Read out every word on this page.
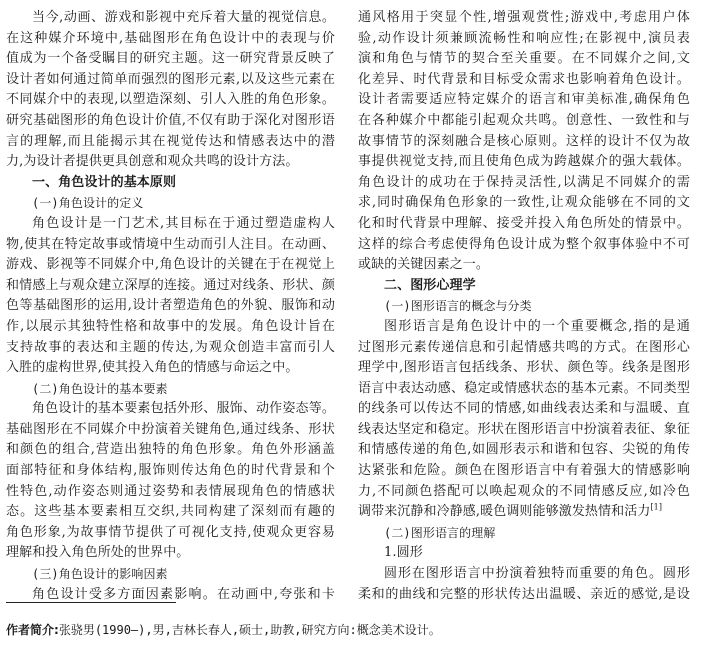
当今,动画、游戏和影视中充斥着大量的视觉信息。
在这种媒介环境中,基础图形在角色设计中的表现与价
值成为一个备受瞩目的研究主题。这一研究背景反映了
设计者如何通过简单而强烈的图形元素,以及这些元素在
不同媒介中的表现,以塑造深刻、引人入胜的角色形象。
研究基础图形的角色设计价值,不仅有助于深化对图形语
言的理解,而且能揭示其在视觉传达和情感表达中的潜
力,为设计者提供更具创意和观众共鸣的设计方法。
一、角色设计的基本原则
(一)角色设计的定义
角色设计是一门艺术,其目标在于通过塑造虚构人
物,使其在特定故事或情境中生动而引人注目。在动画、
游戏、影视等不同媒介中,角色设计的关键在于在视觉上
和情感上与观众建立深厚的连接。通过对线条、形状、颜
色等基础图形的运用,设计者塑造角色的外貌、服饰和动
作,以展示其独特性格和故事中的发展。角色设计旨在
支持故事的表达和主题的传达,为观众创造丰富而引人
入胜的虚构世界,使其投入角色的情感与命运之中。
(二)角色设计的基本要素
角色设计的基本要素包括外形、服饰、动作姿态等。
基础图形在不同媒介中扮演着关键角色,通过线条、形状
和颜色的组合,营造出独特的角色形象。角色外形涵盖
面部特征和身体结构,服饰则传达角色的时代背景和个
性特色,动作姿态则通过姿势和表情展现角色的情感状
态。这些基本要素相互交织,共同构建了深刻而有趣的
角色形象,为故事情节提供了可视化支持,使观众更容易
理解和投入角色所处的世界中。
(三)角色设计的影响因素
角色设计受多方面因素影响。在动画中,夸张和卡
通风格用于突显个性,增强观赏性;游戏中,考虑用户体
验,动作设计须兼顾流畅性和响应性;在影视中,演员表
演和角色与情节的契合至关重要。在不同媒介之间,文
化差异、时代背景和目标受众需求也影响着角色设计。
设计者需要适应特定媒介的语言和审美标准,确保角色
在各种媒介中都能引起观众共鸣。创意性、一致性和与
故事情节的深刻融合是核心原则。这样的设计不仅为故
事提供视觉支持,而且使角色成为跨越媒介的强大载体。
角色设计的成功在于保持灵活性,以满足不同媒介的需
求,同时确保角色形象的一致性,让观众能够在不同的文
化和时代背景中理解、接受并投入角色所处的情景中。
这样的综合考虑使得角色设计成为整个叙事体验中不可
或缺的关键因素之一。
二、图形心理学
(一)图形语言的概念与分类
图形语言是角色设计中的一个重要概念,指的是通
过图形元素传递信息和引起情感共鸣的方式。在图形心
理学中,图形语言包括线条、形状、颜色等。线条是图形
语言中表达动感、稳定或情感状态的基本元素。不同类型
的线条可以传达不同的情感,如曲线表达柔和与温暖、直
线表达坚定和稳定。形状在图形语言中扮演着表征、象征
和情感传递的角色,如圆形表示和谐和包容、尖锐的角传
达紧张和危险。颜色在图形语言中有着强大的情感影响
力,不同颜色搭配可以唤起观众的不同情感反应,如冷色
调带来沉静和冷静感,暖色调则能够激发热情和活力[1]
(二)图形语言的理解
1.圆形
圆形在图形语言中扮演着独特而重要的角色。圆形
柔和的曲线和完整的形状传达出温暖、亲近的感觉,是设
作者简介:张骁男(1990—),男,吉林长春人,硕士,助教,研究方向:概念美术设计。
